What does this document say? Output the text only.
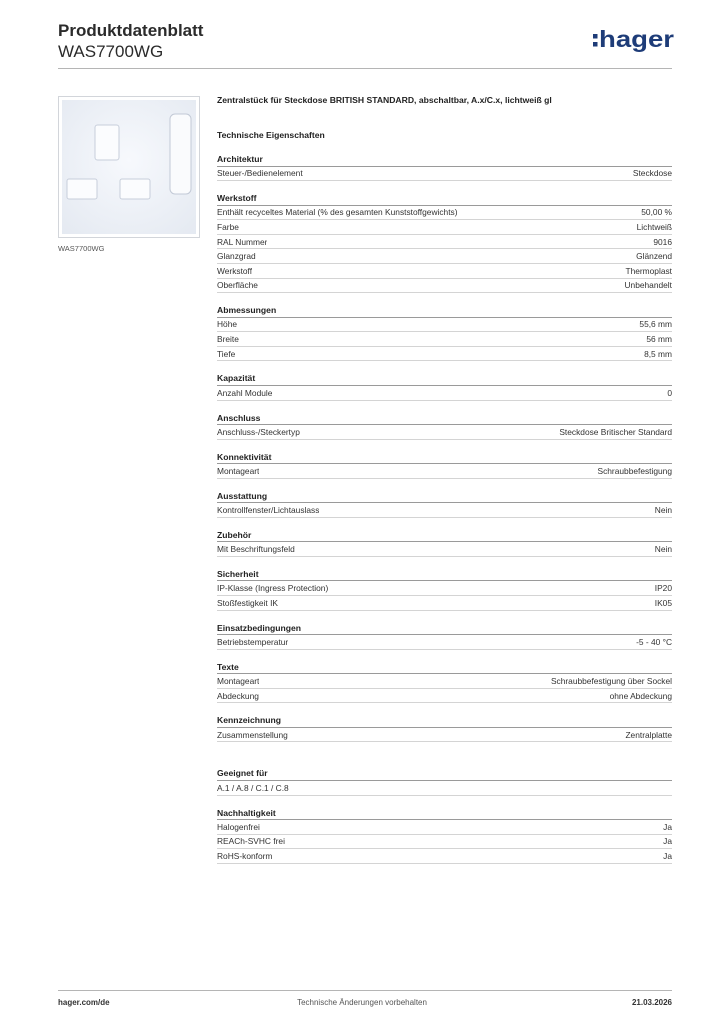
Produktdatenblatt
WAS7700WG	hager
WAS7700WG
Zentralstück für Steckdose BRITISH STANDARD, abschaltbar, A.x/C.x, lichtweiß gl
Technische Eigenschaften
Architektur
Steuer-/Bedienelement	Steckdose
Werkstoff
Enthält recyceltes Material (% des gesamten Kunststoffgewichts)	50,00 %
Farbe	Lichtweiß
RAL Nummer	9016
Glanzgrad	Glänzend
Werkstoff	Thermoplast
Oberfläche	Unbehandelt
Abmessungen
Höhe	55,6 mm
Breite	56 mm
Tiefe	8,5 mm
Kapazität
Anzahl Module	0
Anschluss
Anschluss-/Steckertyp	Steckdose Britischer Standard
Konnektivität
Montageart	Schraubbefestigung
Ausstattung
Kontrollfenster/Lichtauslass	Nein
Zubehör
Mit Beschriftungsfeld	Nein
Sicherheit
IP-Klasse (Ingress Protection)	IP20
Stoßfestigkeit IK	IK05
Einsatzbedingungen
Betriebstemperatur	-5 - 40 °C
Texte
Montageart	Schraubbefestigung über Sockel
Abdeckung	ohne Abdeckung
Kennzeichnung
Zusammenstellung	Zentralplatte
Geeignet für
A.1 / A.8 / C.1 / C.8
Nachhaltigkeit
Halogenfrei	Ja
REACh-SVHC frei	Ja
RoHS-konform	Ja
hager.com/de	Technische Änderungen vorbehalten	21.03.2026
